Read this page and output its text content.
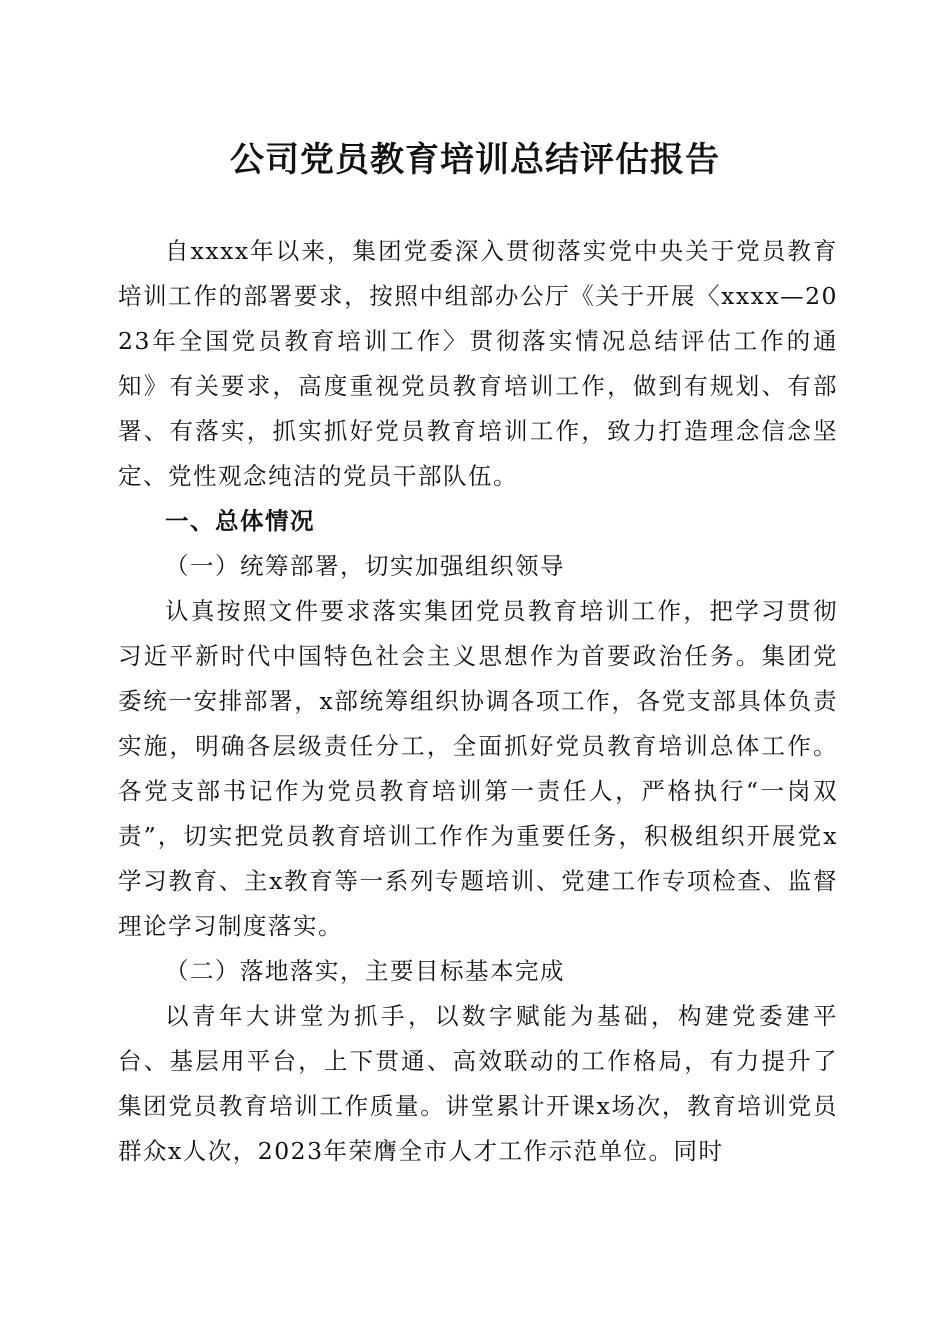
公司党员教育培训总结评估报告

自xxxx年以来，集团党委深入贯彻落实党中央关于党员教育培训工作的部署要求，按照中组部办公厅《关于开展〈xxxx—2023年全国党员教育培训工作〉贯彻落实情况总结评估工作的通知》有关要求，高度重视党员教育培训工作，做到有规划、有部署、有落实，抓实抓好党员教育培训工作，致力打造理念信念坚定、党性观念纯洁的党员干部队伍。

一、总体情况

（一）统筹部署，切实加强组织领导

认真按照文件要求落实集团党员教育培训工作，把学习贯彻习近平新时代中国特色社会主义思想作为首要政治任务。集团党委统一安排部署，x部统筹组织协调各项工作，各党支部具体负责实施，明确各层级责任分工，全面抓好党员教育培训总体工作。各党支部书记作为党员教育培训第一责任人，严格执行“一岗双责”，切实把党员教育培训工作作为重要任务，积极组织开展党x学习教育、主x教育等一系列专题培训、党建工作专项检查、监督理论学习制度落实。

（二）落地落实，主要目标基本完成

以青年大讲堂为抓手，以数字赋能为基础，构建党委建平台、基层用平台，上下贯通、高效联动的工作格局，有力提升了集团党员教育培训工作质量。讲堂累计开课x场次，教育培训党员群众x人次，2023年荣膺全市人才工作示范单位。同时
